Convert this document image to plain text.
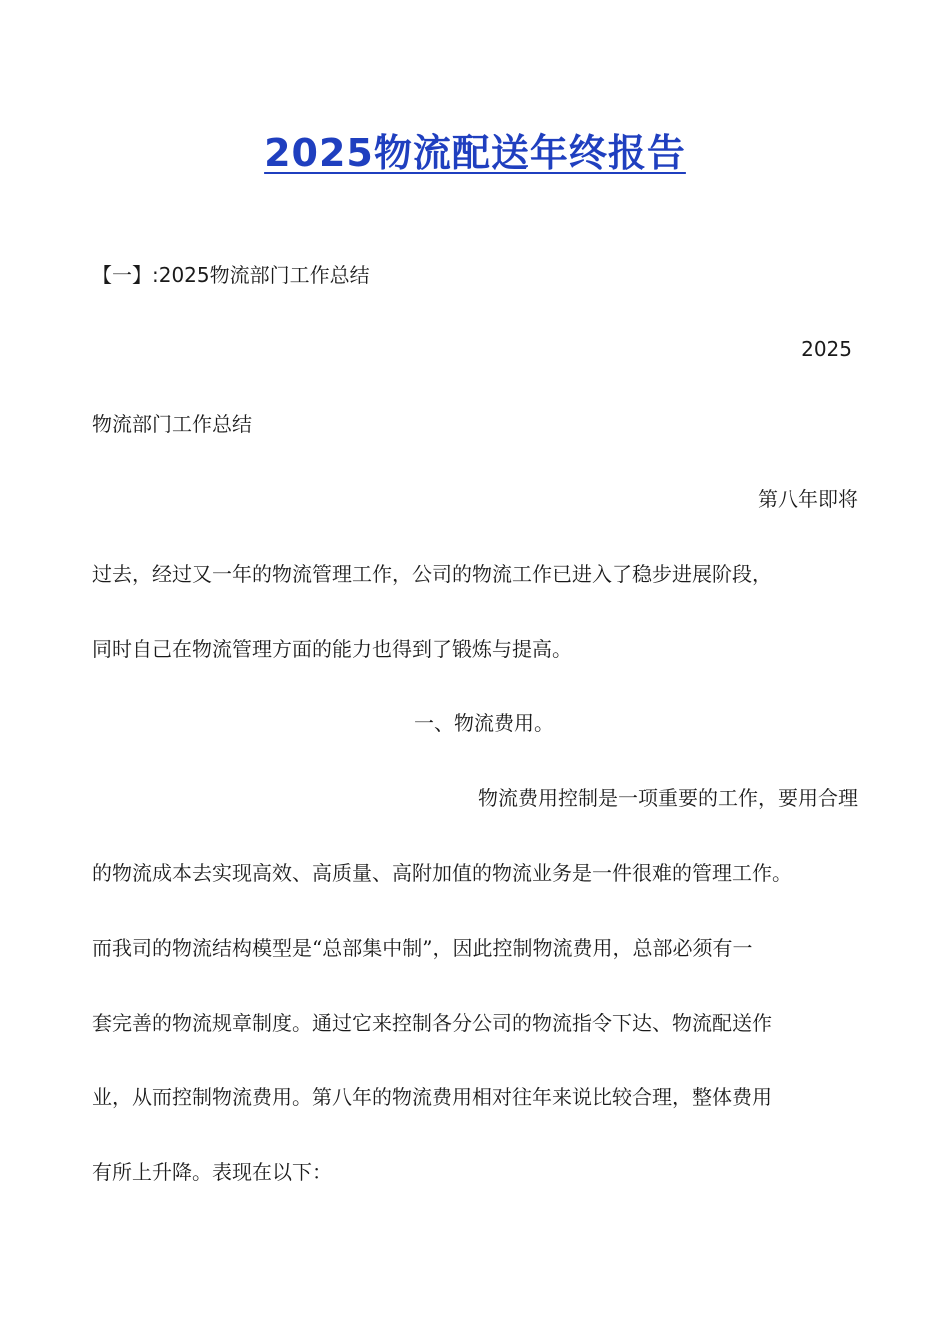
2025物流配送年终报告
【一】:2025物流部门工作总结
2025
物流部门工作总结
第八年即将
过去，经过又一年的物流管理工作，公司的物流工作已进入了稳步进展阶段，
同时自己在物流管理方面的能力也得到了锻炼与提高。
一、物流费用。
物流费用控制是一项重要的工作，要用合理
的物流成本去实现高效、高质量、高附加值的物流业务是一件很难的管理工作。
而我司的物流结构模型是“总部集中制”，因此控制物流费用，总部必须有一
套完善的物流规章制度。通过它来控制各分公司的物流指令下达、物流配送作
业，从而控制物流费用。第八年的物流费用相对往年来说比较合理，整体费用
有所上升降。表现在以下：
